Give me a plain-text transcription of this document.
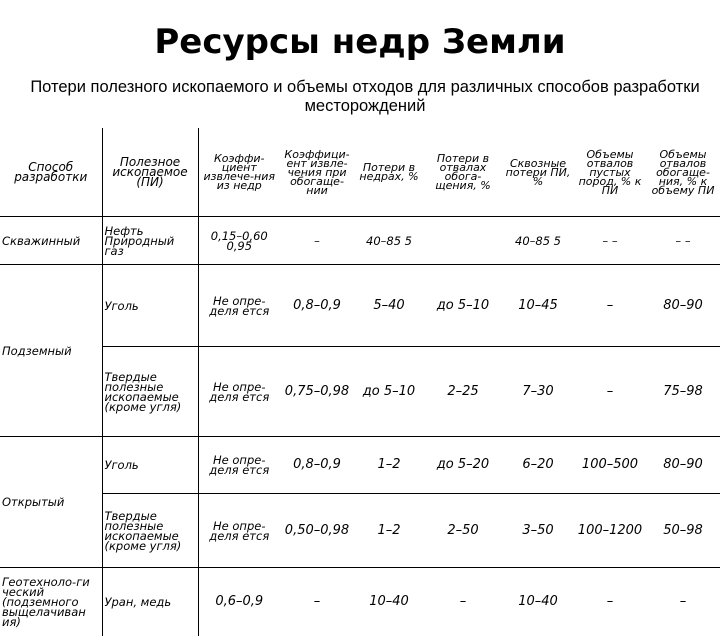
Ресурсы недр Земли
Потери полезного ископаемого и объемы отходов для различных способов разработки месторождений
Способ разработки	Полезное ископаемое (ПИ)	Коэффи-циент извлече-ния из недр	Коэффици-ент извле-чения при обогаще-нии	Потери в недрах, %	Потери в отвалах обога-щения, %	Сквозные потери ПИ, %	Объемы отвалов пустых пород, % к ПИ	Объемы отвалов обогаще-ния, % к объему ПИ
Скважинный	Нефть Природный газ	0,15–0,60 0,95	–	40–85 5		40–85 5	– –	– –
Подземный	Уголь	Не опре-деля ется	0,8–0,9	5–40	до 5–10	10–45	–	80–90
	Твердые полезные ископаемые (кроме угля)	Не опре-деля ется	0,75–0,98	до 5–10	2–25	7–30	–	75–98
Открытый	Уголь	Не опре-деля ется	0,8–0,9	1–2	до 5–20	6–20	100–500	80–90
	Твердые полезные ископаемые (кроме угля)	Не опре-деля ется	0,50–0,98	1–2	2–50	3–50	100–1200	50–98
Геотехноло-ги ческий (подземного выщелачиван ия)	Уран, медь	0,6–0,9	–	10–40	–	10–40	–	–
